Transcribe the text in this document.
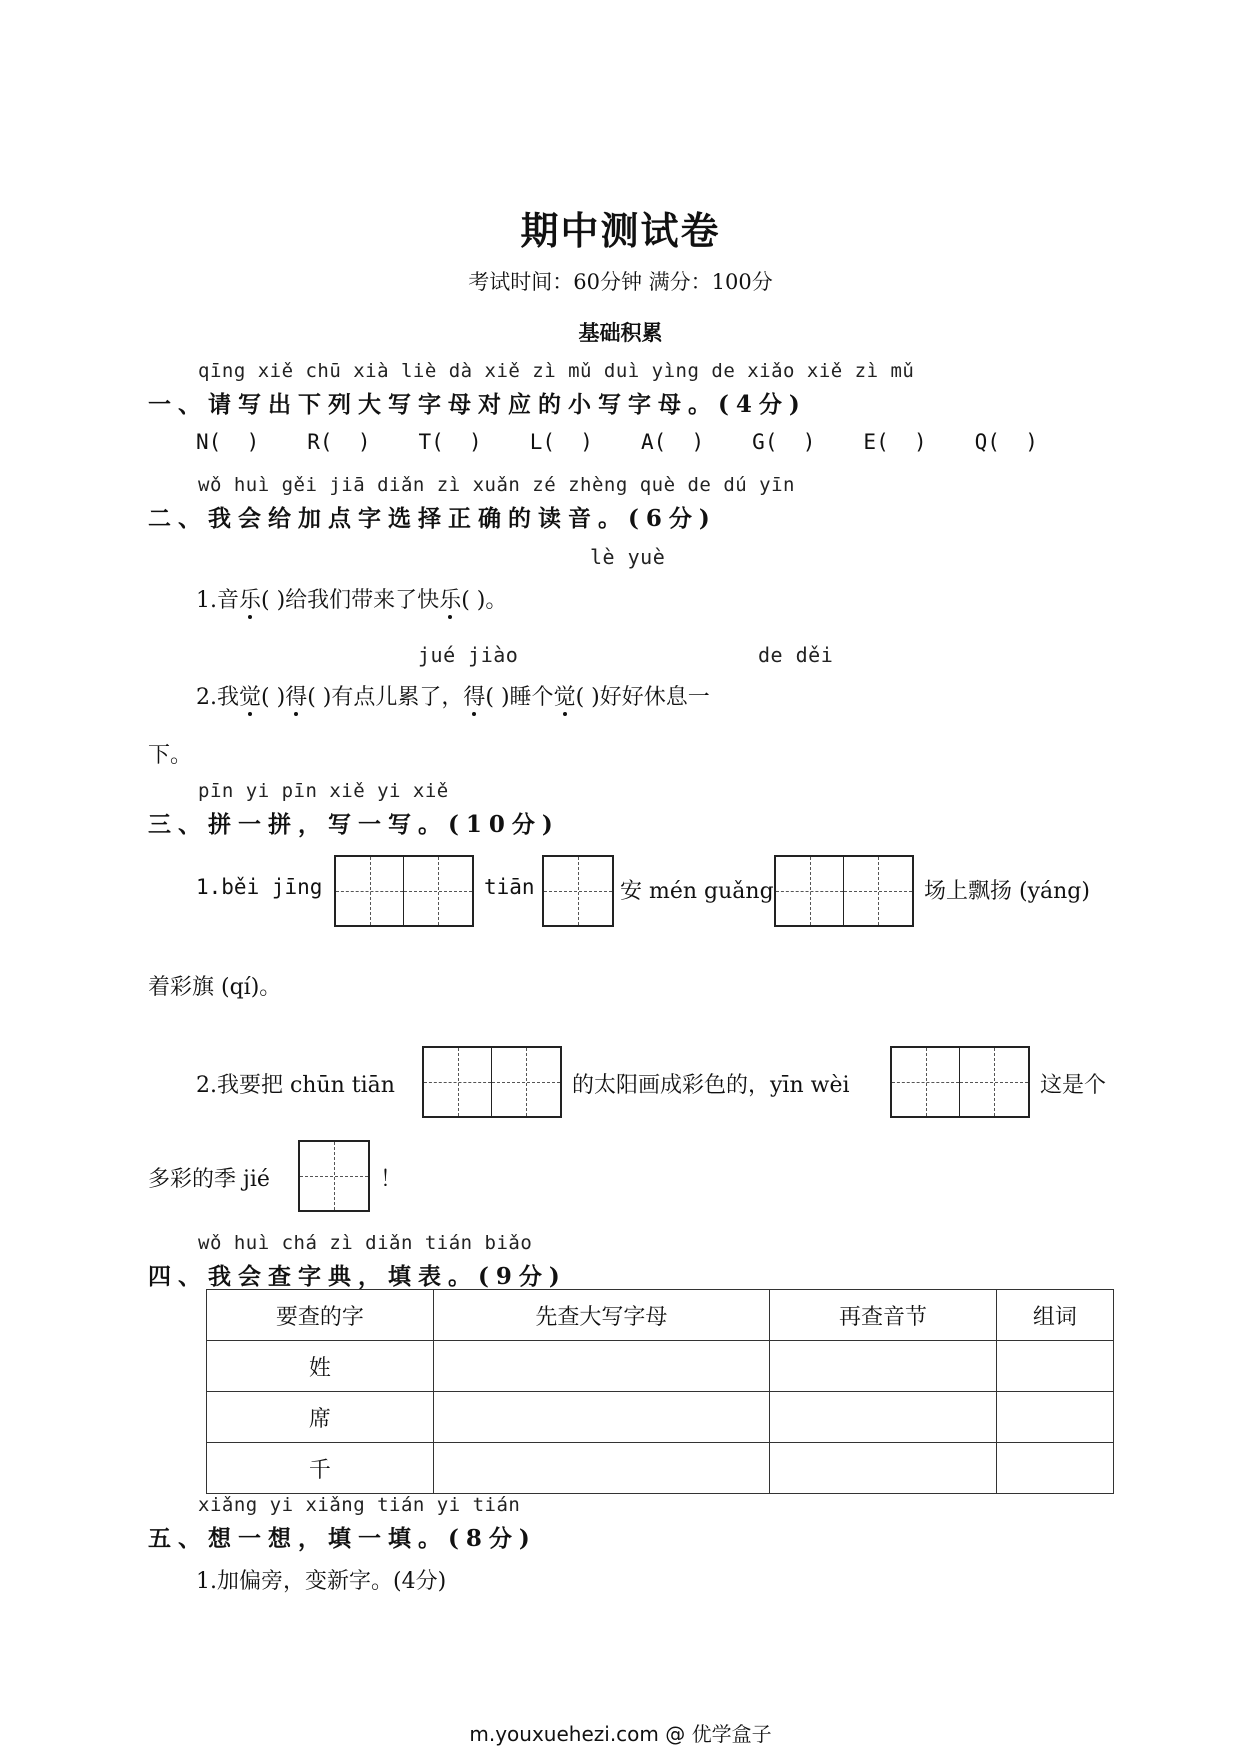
期中测试卷
考试时间：60分钟 满分：100分
基础积累
qīng xiě chū xià liè dà xiě zì mǔ duì yìng de xiǎo xiě zì mǔ
一、请写出下列大写字母对应的小写字母。(4分)
N(  ) R(  ) T(  ) L(  ) A(  ) G(  ) E(  ) Q(  )
wǒ huì gěi jiā diǎn zì xuǎn zé zhèng què de dú yīn
二、我会给加点字选择正确的读音。(6分)
lè yuè
1.音乐( )给我们带来了快乐( )。
jué jiào	de děi
2.我觉( )得( )有点儿累了，得( )睡个觉( )好好休息一
下。
pīn yi pīn xiě yi xiě
三、拼一拼，写一写。(10分)
1.běi jīng	tiān	安 mén guǎng	场上飘扬 (yáng)
着彩旗 (qí)。
2.我要把 chūn tiān	的太阳画成彩色的，yīn wèi	这是个
多彩的季 jié	！
wǒ huì chá zì diǎn tián biǎo
四、我会查字典，填表。(9分)
要查的字	先查大写字母	再查音节	组词
姓			
席			
千			
xiǎng yi xiǎng tián yi tián
五、想一想，填一填。(8分)
1.加偏旁，变新字。(4分)
m.youxuehezi.com @ 优学盒子
